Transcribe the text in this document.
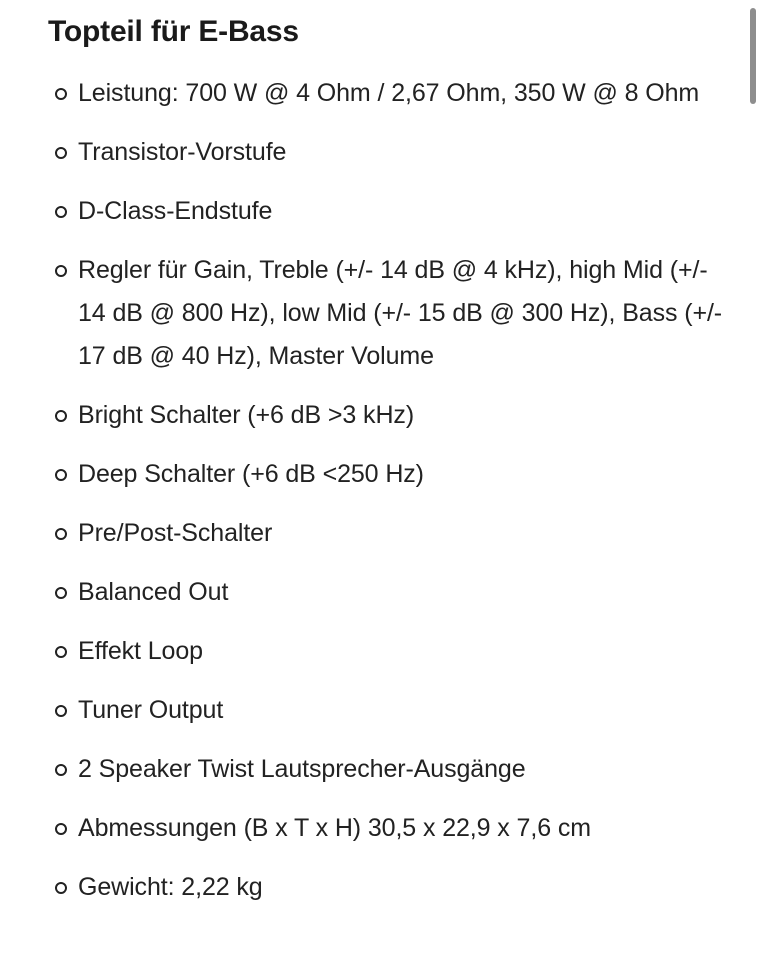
Topteil für E-Bass
Leistung: 700 W @ 4 Ohm / 2,67 Ohm, 350 W @ 8 Ohm
Transistor-Vorstufe
D-Class-Endstufe
Regler für Gain, Treble (+/- 14 dB @ 4 kHz), high Mid (+/- 14 dB @ 800 Hz), low Mid (+/- 15 dB @ 300 Hz), Bass (+/- 17 dB @ 40 Hz), Master Volume
Bright Schalter (+6 dB >3 kHz)
Deep Schalter (+6 dB <250 Hz)
Pre/Post-Schalter
Balanced Out
Effekt Loop
Tuner Output
2 Speaker Twist Lautsprecher-Ausgänge
Abmessungen (B x T x H) 30,5 x 22,9 x 7,6 cm
Gewicht: 2,22 kg
